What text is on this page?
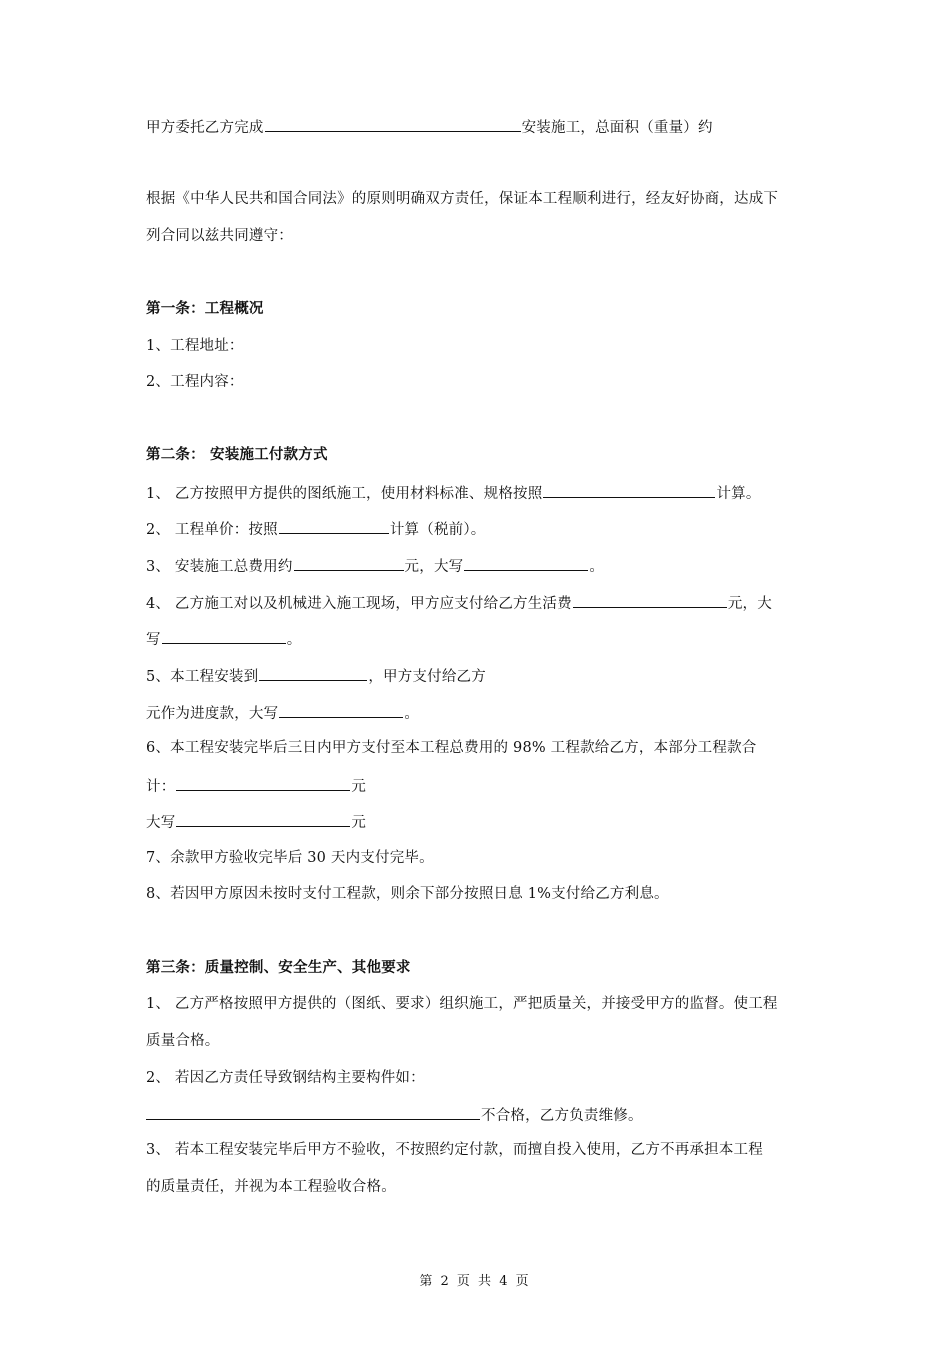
甲方委托乙方完成	安装施工，总面积（重量）约
根据《中华人民共和国合同法》的原则明确双方责任，保证本工程顺利进行，经友好协商，达成下
列合同以兹共同遵守：
第一条：工程概况
1、工程地址：
2、工程内容：
第二条： 安装施工付款方式
1、 乙方按照甲方提供的图纸施工，使用材料标准、规格按照	计算。
2、 工程单价：按照	计算（税前）。
3、 安装施工总费用约	元，大写	。
4、 乙方施工对以及机械进入施工现场，甲方应支付给乙方生活费	元，大
写	。
5、本工程安装到	，甲方支付给乙方
元作为进度款，大写	。
6、本工程安装完毕后三日内甲方支付至本工程总费用的 98% 工程款给乙方，本部分工程款合
计：	元
大写	元
7、余款甲方验收完毕后 30 天内支付完毕。
8、若因甲方原因未按时支付工程款，则余下部分按照日息 1%支付给乙方利息。
第三条：质量控制、安全生产、其他要求
1、 乙方严格按照甲方提供的（图纸、要求）组织施工，严把质量关，并接受甲方的监督。使工程
质量合格。
2、 若因乙方责任导致钢结构主要构件如：
不合格，乙方负责维修。
3、 若本工程安装完毕后甲方不验收，不按照约定付款，而擅自投入使用，乙方不再承担本工程
的质量责任，并视为本工程验收合格。
第 2 页 共 4 页
